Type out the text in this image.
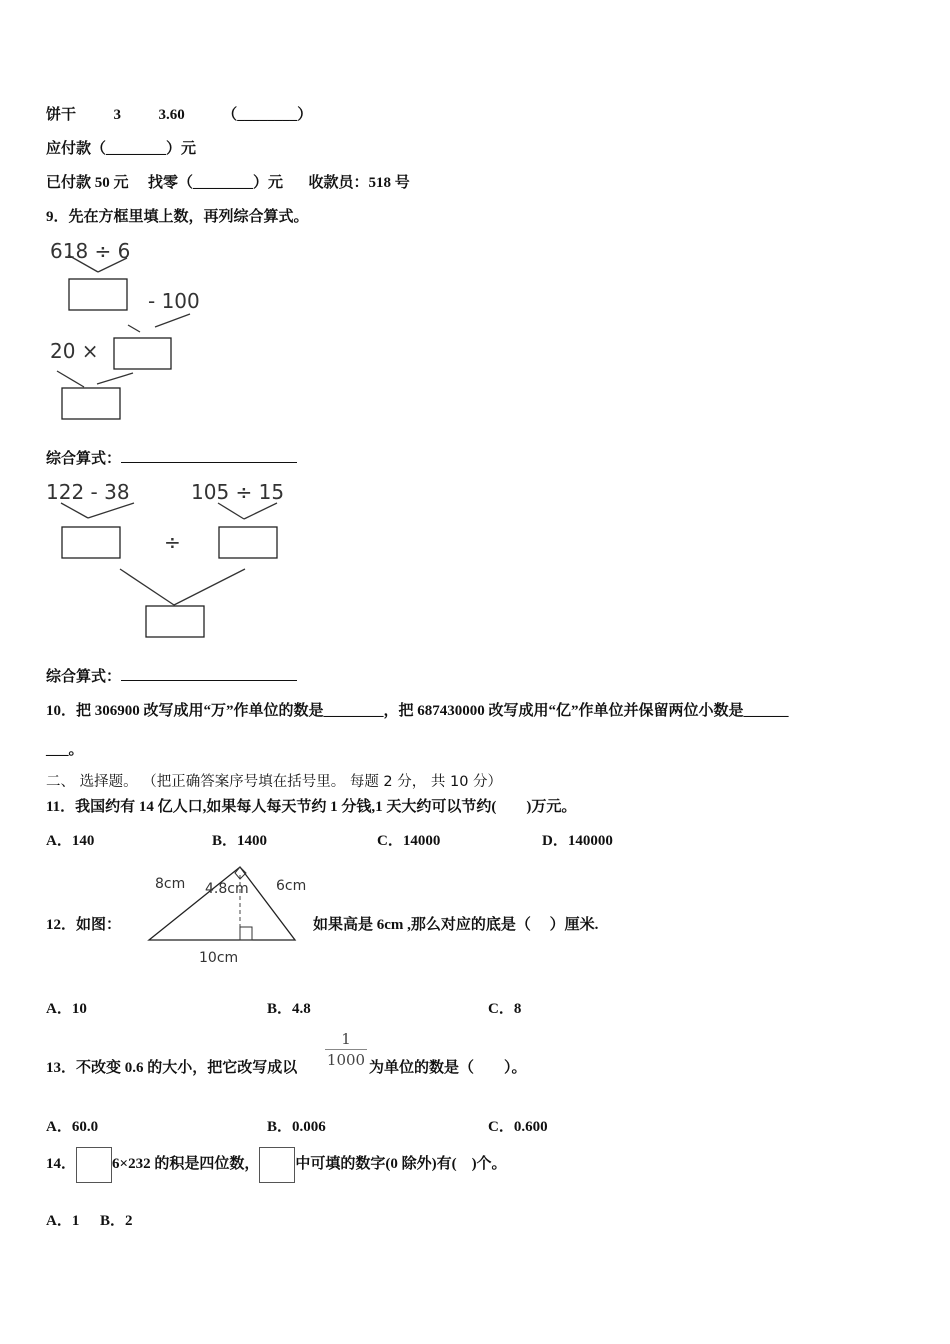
饼干	3	3.60	（________）
应付款（________）元
已付款 50 元 找零（________）元 收款员：518 号
9．先在方框里填上数，再列综合算式。
618 ÷ 6
- 100
20 ×
122 - 38	105 ÷ 15
÷
8cm 4.8cm 6cm
10cm
综合算式：
综合算式：
10．把 306900 改写成用“万”作单位的数是________，把 687430000 改写成用“亿”作单位并保留两位小数是______
___。
二、 选择题。 （把正确答案序号填在括号里。 每题 2 分， 共 10 分）
11．我国约有 14 亿人口,如果每人每天节约 1 分钱,1 天大约可以节约(　　)万元。
A．140	B．1400	C．14000	D．140000
12．如图：	如果高是 6cm ,那么对应的底是（　 ）厘米.
A．10	B．4.8	C．8
13．不改变 0.6 的大小，把它改写成以
1
1000 为单位的数是（　　）。
A．60.0	B．0.006	C．0.600
14． 6×232 的积是四位数， 中可填的数字(0 除外)有(　)个。
A．1 B．2
